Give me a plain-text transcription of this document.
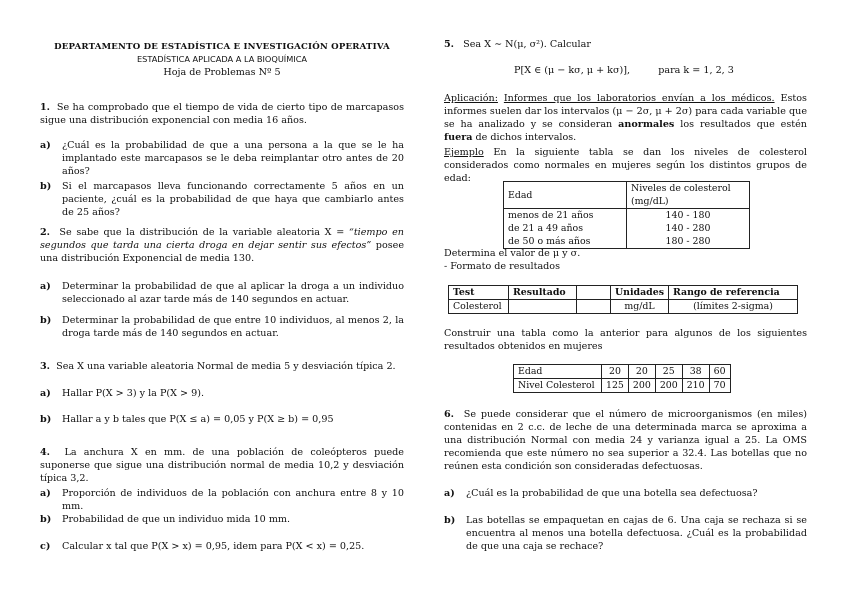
DEPARTAMENTO DE ESTADÍSTICA E INVESTIGACIÓN OPERATIVA
ESTADÍSTICA APLICADA A LA BIOQUÍMICA
Hoja de Problemas Nº 5
1. Se ha comprobado que el tiempo de vida de cierto tipo de marcapasos sigue una distribución exponencial con media 16 años.
a) ¿Cuál es la probabilidad de que a una persona a la que se le ha implantado este marcapasos se le deba reimplantar otro antes de 20 años?
b) Si el marcapasos lleva funcionando correctamente 5 años en un paciente, ¿cuál es la probabilidad de que haya que cambiarlo antes de 25 años?
2. Se sabe que la distribución de la variable aleatoria X = “tiempo en segundos que tarda una cierta droga en dejar sentir sus efectos” posee una distribución Exponencial de media 130.
a) Determinar la probabilidad de que al aplicar la droga a un individuo seleccionado al azar tarde más de 140 segundos en actuar.
b) Determinar la probabilidad de que entre 10 individuos, al menos 2, la droga tarde más de 140 segundos en actuar.
3. Sea X una variable aleatoria Normal de media 5 y desviación típica 2.
a) Hallar P(X > 3) y la P(X > 9).
b) Hallar a y b tales que P(X ≤ a) = 0,05 y P(X ≥ b) = 0,95
4. La anchura X en mm. de una población de coleópteros puede suponerse que sigue una distribución normal de media 10,2 y desviación típica 3,2.
a) Proporción de individuos de la población con anchura entre 8 y 10 mm.
b) Probabilidad de que un individuo mida 10 mm.
c) Calcular x tal que P(X > x) = 0,95, idem para P(X < x) = 0,25.
5. Sea X ∼ N(μ, σ²). Calcular
P[X ∈ (μ − kσ, μ + kσ)],	para k = 1, 2, 3
Aplicación: Informes que los laboratorios envían a los médicos. Estos informes suelen dar los intervalos (μ − 2σ, μ + 2σ) para cada variable que se ha analizado y se consideran anormales los resultados que estén fuera de dichos intervalos.
Ejemplo En la siguiente tabla se dan los niveles de colesterol considerados como normales en mujeres según los distintos grupos de edad:
Edad	Niveles de colesterol (mg/dL)
menos de 21 años	140 - 180
de 21 a 49 años	140 - 280
de 50 o más años	180 - 280
Determina el valor de μ y σ.
- Formato de resultados
Test	Resultado		Unidades	Rango de referencia
Colesterol			mg/dL	(límites 2-sigma)
Construir una tabla como la anterior para algunos de los siguientes resultados obtenidos en mujeres
Edad	20	20	25	38	60
Nivel Colesterol	125	200	200	210	70
6. Se puede considerar que el número de microorganismos (en miles) contenidas en 2 c.c. de leche de una determinada marca se aproxima a una distribución Normal con media 24 y varianza igual a 25. La OMS recomienda que este número no sea superior a 32.4. Las botellas que no reúnen esta condición son consideradas defectuosas.
a) ¿Cuál es la probabilidad de que una botella sea defectuosa?
b) Las botellas se empaquetan en cajas de 6. Una caja se rechaza si se encuentra al menos una botella defectuosa. ¿Cuál es la probabilidad de que una caja se rechace?
